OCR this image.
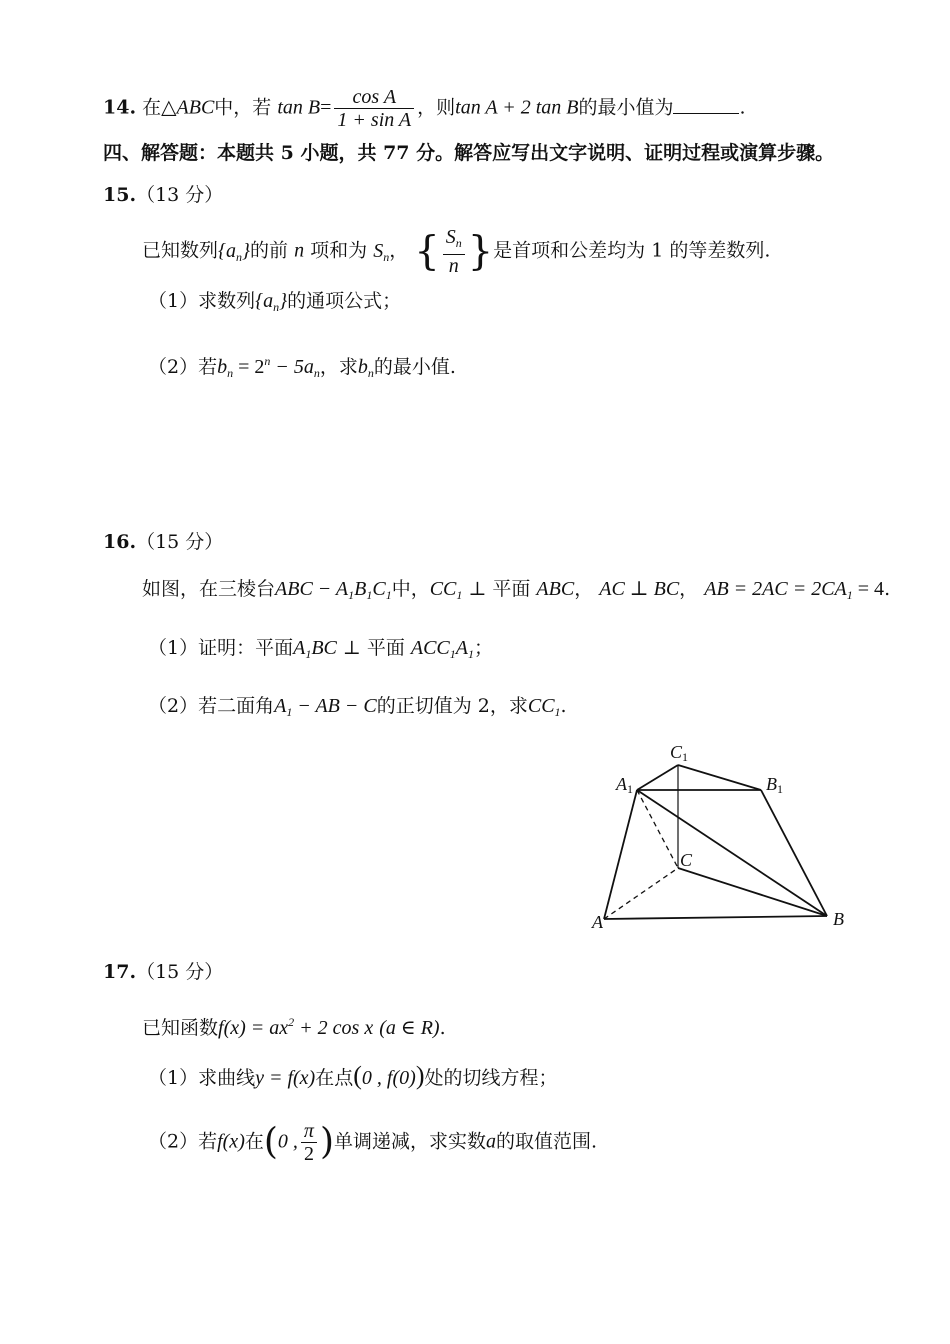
14. 在△ABC中，若 $\tan B= \frac{\text{cos A}}{\text{1 + sin A}}$ ，则tan A + 2 tan B的最小值为	.
四、解答题：本题共 5 小题，共 77 分。解答应写出文字说明、证明过程或演算步骤。
15.（13 分）
已知数列$\{a_n\}$的前 n 项和为 $S_n$， { $\frac{S_n}{n}$ }是首项和公差均为 1 的等差数列.
（1）求数列$\{a_n\}$的通项公式；
（2）若$b_n = 2^n - 5a_n$，求$b_n$的最小值.
16.（15 分）
如图，在三棱台ABC − $A_1B_1C_1$中，$CC_1$ ⊥ 平面 ABC， AC ⊥ BC， AB = $2AC = 2CA_1 = 4$.
（1）证明：平面$A_1BC$ ⊥ 平面 $ACC_1A_1$；
（2）若二面角$A_1$ − AB − C的正切值为 2，求$CC_1$.
C1
A1	B1
C
A	B
17.（15 分）
已知函数$f(x) = ax^2 + 2$ cos x (a ∈ R).
（1）求曲线y = f(x)在点(0 , f(0))处的切线方程；
（2）若f(x)在(0 , $\frac{\pi}{2}$ )单调递减，求实数a的取值范围.
